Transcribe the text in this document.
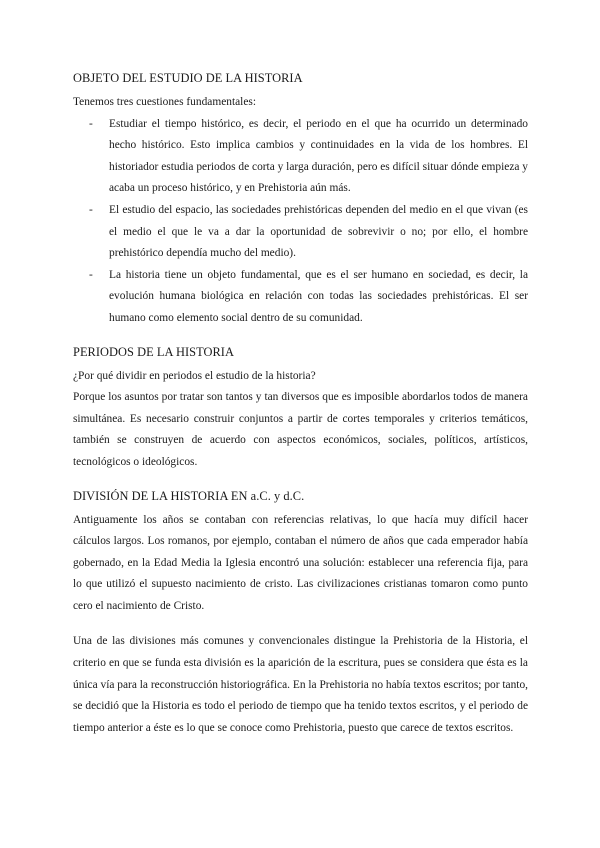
OBJETO DEL ESTUDIO DE LA HISTORIA

Tenemos tres cuestiones fundamentales:

- Estudiar el tiempo histórico, es decir, el periodo en el que ha ocurrido un determinado hecho histórico. Esto implica cambios y continuidades en la vida de los hombres. El historiador estudia periodos de corta y larga duración, pero es difícil situar dónde empieza y acaba un proceso histórico, y en Prehistoria aún más.
- El estudio del espacio, las sociedades prehistóricas dependen del medio en el que vivan (es el medio el que le va a dar la oportunidad de sobrevivir o no; por ello, el hombre prehistórico dependía mucho del medio).
- La historia tiene un objeto fundamental, que es el ser humano en sociedad, es decir, la evolución humana biológica en relación con todas las sociedades prehistóricas. El ser humano como elemento social dentro de su comunidad.
PERIODOS DE LA HISTORIA

¿Por qué dividir en periodos el estudio de la historia?

Porque los asuntos por tratar son tantos y tan diversos que es imposible abordarlos todos de manera simultánea. Es necesario construir conjuntos a partir de cortes temporales y criterios temáticos, también se construyen de acuerdo con aspectos económicos, sociales, políticos, artísticos, tecnológicos o ideológicos.

DIVISIÓN DE LA HISTORIA EN a.C. y d.C.

Antiguamente los años se contaban con referencias relativas, lo que hacía muy difícil hacer cálculos largos. Los romanos, por ejemplo, contaban el número de años que cada emperador había gobernado, en la Edad Media la Iglesia encontró una solución: establecer una referencia fija, para lo que utilizó el supuesto nacimiento de cristo. Las civilizaciones cristianas tomaron como punto cero el nacimiento de Cristo.

Una de las divisiones más comunes y convencionales distingue la Prehistoria de la Historia, el criterio en que se funda esta división es la aparición de la escritura, pues se considera que ésta es la única vía para la reconstrucción historiográfica. En la Prehistoria no había textos escritos; por tanto, se decidió que la Historia es todo el periodo de tiempo que ha tenido textos escritos, y el periodo de tiempo anterior a éste es lo que se conoce como Prehistoria, puesto que carece de textos escritos.
